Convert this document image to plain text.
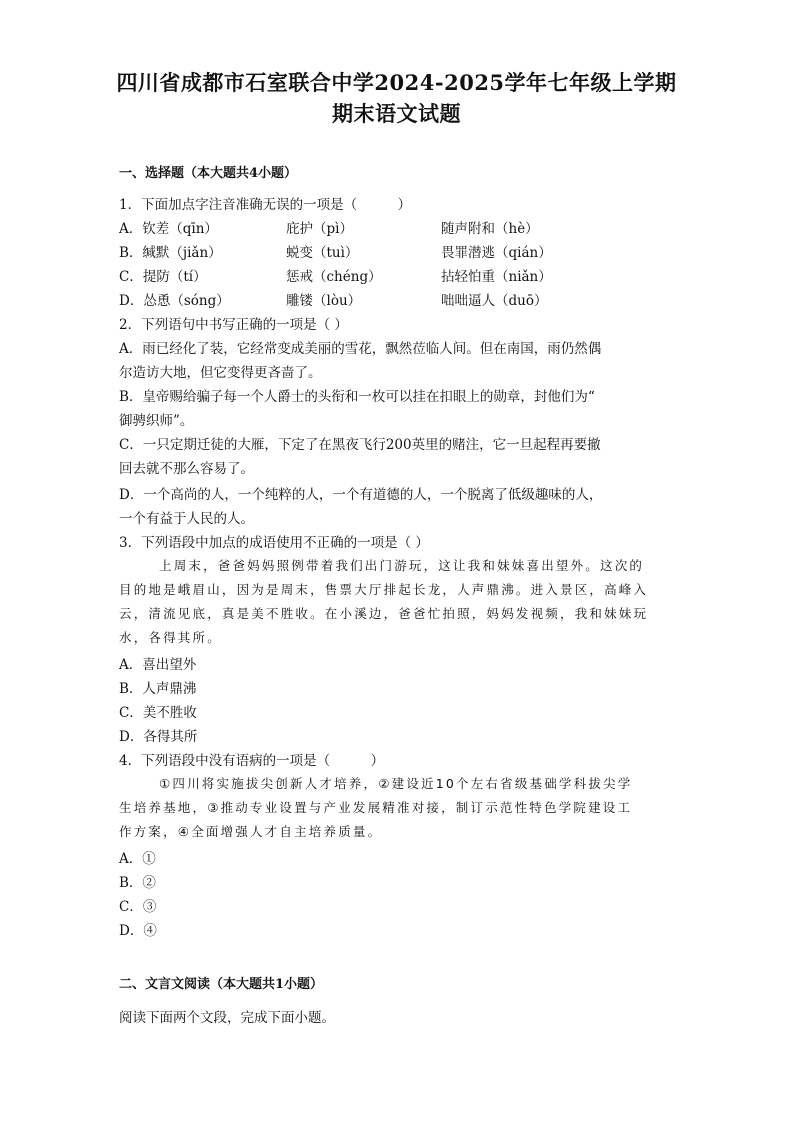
四川省成都市石室联合中学2024-2025学年七年级上学期
期末语文试题
一、选择题（本大题共4小题）
1．下面加点字注音准确无误的一项是（　　　）
A．钦差（qīn）	庇护（pì）	随声附和（hè）
B．缄默（jiǎn）	蜕变（tuì）	畏罪潜逃（qián）
C．提防（tí）	惩戒（chéng）	拈轻怕重（niǎn）
D．怂恿（sóng）	雕镂（lòu）	咄咄逼人（duō）
2．下列语句中书写正确的一项是（ ）
A．雨已经化了装，它经常变成美丽的雪花，飘然莅临人间。但在南国，雨仍然偶
尔造访大地，但它变得更吝啬了。
B．皇帝赐给骗子每一个人爵士的头衔和一枚可以挂在扣眼上的勋章，封他们为“
御骋织师”。
C．一只定期迁徒的大雁，下定了在黑夜飞行200英里的赌注，它一旦起程再要撤
回去就不那么容易了。
D．一个高尚的人，一个纯粹的人，一个有道德的人，一个脱离了低级趣味的人，
一个有益于人民的人。
3．下列语段中加点的成语使用不正确的一项是（ ）
上周末，爸爸妈妈照例带着我们出门游玩，这让我和妹妹喜出望外。这次的
目的地是峨眉山，因为是周末，售票大厅排起长龙，人声鼎沸。进入景区，高峰入
云，清流见底，真是美不胜收。在小溪边，爸爸忙拍照，妈妈发视频，我和妹妹玩
水，各得其所。
A．喜出望外
B．人声鼎沸
C．美不胜收
D．各得其所
4．下列语段中没有语病的一项是（　　　）
①四川将实施拔尖创新人才培养，②建设近10个左右省级基础学科拔尖学
生培养基地，③推动专业设置与产业发展精准对接，制订示范性特色学院建设工
作方案，④全面增强人才自主培养质量。
A．①
B．②
C．③
D．④
二、文言文阅读（本大题共1小题）
阅读下面两个文段，完成下面小题。
